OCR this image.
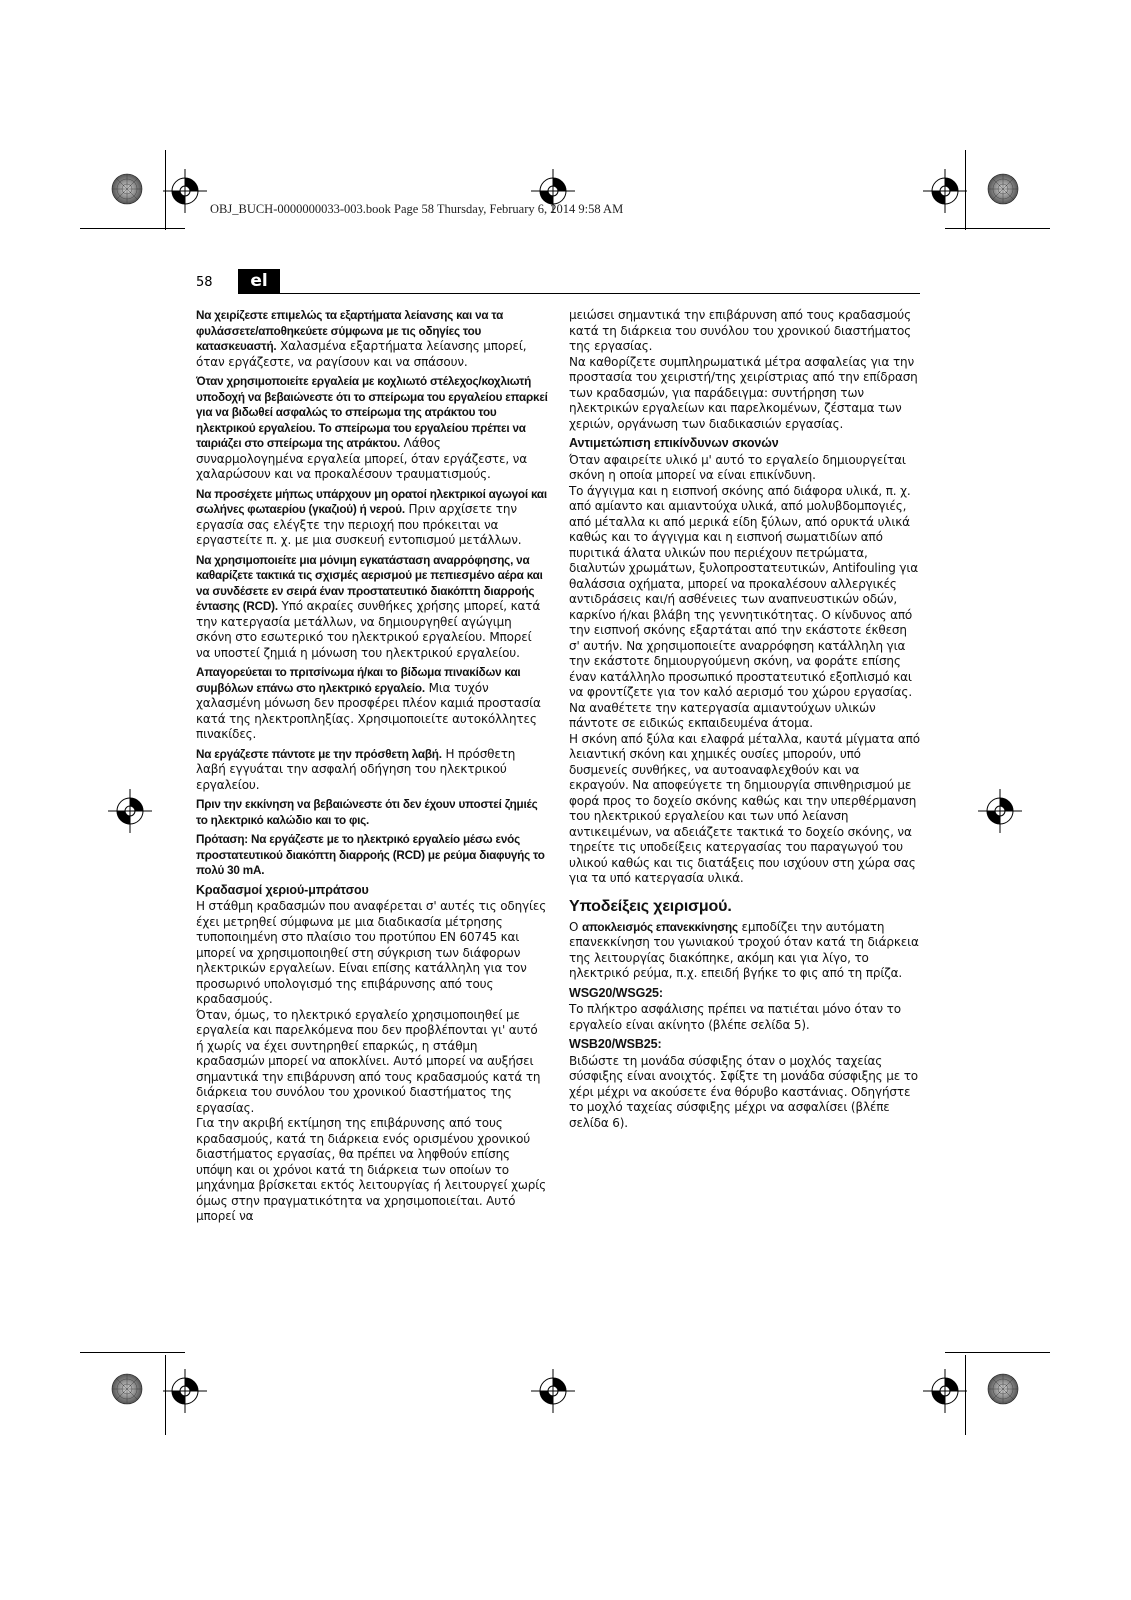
OBJ_BUCH-0000000033-003.book Page 58 Thursday, February 6, 2014 9:58 AM
58	el

Να χειρίζεστε επιμελώς τα εξαρτήματα λείανσης και να τα φυλάσσετε/αποθηκεύετε σύμφωνα με τις οδηγίες του κατασκευαστή. Χαλασμένα εξαρτήματα λείανσης μπορεί, όταν εργάζεστε, να ραγίσουν και να σπάσουν.

Όταν χρησιμοποιείτε εργαλεία με κοχλιωτό στέλεχος/κοχλιωτή υποδοχή να βεβαιώνεστε ότι το σπείρωμα του εργαλείου επαρκεί για να βιδωθεί ασφαλώς το σπείρωμα της ατράκτου του ηλεκτρικού εργαλείου. Το σπείρωμα του εργαλείου πρέπει να ταιριάζει στο σπείρωμα της ατράκτου. Λάθος συναρμολογημένα εργαλεία μπορεί, όταν εργάζεστε, να χαλαρώσουν και να προκαλέσουν τραυματισμούς.

Να προσέχετε μήπως υπάρχουν μη ορατοί ηλεκτρικοί αγωγοί και σωλήνες φωταερίου (γκαζιού) ή νερού. Πριν αρχίσετε την εργασία σας ελέγξτε την περιοχή που πρόκειται να εργαστείτε π. χ. με μια συσκευή εντοπισμού μετάλλων.

Να χρησιμοποιείτε μια μόνιμη εγκατάσταση αναρρόφησης, να καθαρίζετε τακτικά τις σχισμές αερισμού με πεπιεσμένο αέρα και να συνδέσετε εν σειρά έναν προστατευτικό διακόπτη διαρροής έντασης (RCD). Υπό ακραίες συνθήκες χρήσης μπορεί, κατά την κατεργασία μετάλλων, να δημιουργηθεί αγώγιμη σκόνη στο εσωτερικό του ηλεκτρικού εργαλείου. Μπορεί να υποστεί ζημιά η μόνωση του ηλεκτρικού εργαλείου.

Απαγορεύεται το πριτσίνωμα ή/και το βίδωμα πινακίδων και συμβόλων επάνω στο ηλεκτρικό εργαλείο. Μια τυχόν χαλασμένη μόνωση δεν προσφέρει πλέον καμιά προστασία κατά της ηλεκτροπληξίας. Χρησιμοποιείτε αυτοκόλλητες πινακίδες.

Να εργάζεστε πάντοτε με την πρόσθετη λαβή. Η πρόσθετη λαβή εγγυάται την ασφαλή οδήγηση του ηλεκτρικού εργαλείου.

Πριν την εκκίνηση να βεβαιώνεστε ότι δεν έχουν υποστεί ζημιές το ηλεκτρικό καλώδιο και το φις.

Πρόταση: Να εργάζεστε με το ηλεκτρικό εργαλείο μέσω ενός προστατευτικού διακόπτη διαρροής (RCD) με ρεύμα διαφυγής το πολύ 30 mA.

Κραδασμοί χεριού-μπράτσου

Η στάθμη κραδασμών που αναφέρεται σ' αυτές τις οδηγίες έχει μετρηθεί σύμφωνα με μια διαδικασία μέτρησης τυποποιημένη στο πλαίσιο του προτύπου EN 60745 και μπορεί να χρησιμοποιηθεί στη σύγκριση των διάφορων ηλεκτρικών εργαλείων. Είναι επίσης κατάλληλη για τον προσωρινό υπολογισμό της επιβάρυνσης από τους κραδασμούς.

Όταν, όμως, το ηλεκτρικό εργαλείο χρησιμοποιηθεί με εργαλεία και παρελκόμενα που δεν προβλέπονται γι' αυτό ή χωρίς να έχει συντηρηθεί επαρκώς, η στάθμη κραδασμών μπορεί να αποκλίνει. Αυτό μπορεί να αυξήσει σημαντικά την επιβάρυνση από τους κραδασμούς κατά τη διάρκεια του συνόλου του χρονικού διαστήματος της εργασίας.

Για την ακριβή εκτίμηση της επιβάρυνσης από τους κραδασμούς, κατά τη διάρκεια ενός ορισμένου χρονικού διαστήματος εργασίας, θα πρέπει να ληφθούν επίσης υπόψη και οι χρόνοι κατά τη διάρκεια των οποίων το μηχάνημα βρίσκεται εκτός λειτουργίας ή λειτουργεί χωρίς όμως στην πραγματικότητα να χρησιμοποιείται. Αυτό μπορεί να

μειώσει σημαντικά την επιβάρυνση από τους κραδασμούς κατά τη διάρκεια του συνόλου του χρονικού διαστήματος της εργασίας.

Να καθορίζετε συμπληρωματικά μέτρα ασφαλείας για την προστασία του χειριστή/της χειρίστριας από την επίδραση των κραδασμών, για παράδειγμα: συντήρηση των ηλεκτρικών εργαλείων και παρελκομένων, ζέσταμα των χεριών, οργάνωση των διαδικασιών εργασίας.

Αντιμετώπιση επικίνδυνων σκονών

Όταν αφαιρείτε υλικό μ' αυτό το εργαλείο δημιουργείται σκόνη η οποία μπορεί να είναι επικίνδυνη.

Το άγγιγμα και η εισπνοή σκόνης από διάφορα υλικά, π. χ. από αμίαντο και αμιαντούχα υλικά, από μολυβδομπογιές, από μέταλλα κι από μερικά είδη ξύλων, από ορυκτά υλικά καθώς και το άγγιγμα και η εισπνοή σωματιδίων από πυριτικά άλατα υλικών που περιέχουν πετρώματα, διαλυτών χρωμάτων, ξυλοπροστατευτικών, Antifouling για θαλάσσια οχήματα, μπορεί να προκαλέσουν αλλεργικές αντιδράσεις και/ή ασθένειες των αναπνευστικών οδών, καρκίνο ή/και βλάβη της γεννητικότητας. Ο κίνδυνος από την εισπνοή σκόνης εξαρτάται από την εκάστοτε έκθεση σ' αυτήν. Να χρησιμοποιείτε αναρρόφηση κατάλληλη για την εκάστοτε δημιουργούμενη σκόνη, να φοράτε επίσης έναν κατάλληλο προσωπικό προστατευτικό εξοπλισμό και να φροντίζετε για τον καλό αερισμό του χώρου εργασίας. Να αναθέτετε την κατεργασία αμιαντούχων υλικών πάντοτε σε ειδικώς εκπαιδευμένα άτομα.

Η σκόνη από ξύλα και ελαφρά μέταλλα, καυτά μίγματα από λειαντική σκόνη και χημικές ουσίες μπορούν, υπό δυσμενείς συνθήκες, να αυτοαναφλεχθούν και να εκραγούν. Να αποφεύγετε τη δημιουργία σπινθηρισμού με φορά προς το δοχείο σκόνης καθώς και την υπερθέρμανση του ηλεκτρικού εργαλείου και των υπό λείανση αντικειμένων, να αδειάζετε τακτικά το δοχείο σκόνης, να τηρείτε τις υποδείξεις κατεργασίας του παραγωγού του υλικού καθώς και τις διατάξεις που ισχύουν στη χώρα σας για τα υπό κατεργασία υλικά.

Υποδείξεις χειρισμού.

Ο αποκλεισμός επανεκκίνησης εμποδίζει την αυτόματη επανεκκίνηση του γωνιακού τροχού όταν κατά τη διάρκεια της λειτουργίας διακόπηκε, ακόμη και για λίγο, το ηλεκτρικό ρεύμα, π.χ. επειδή βγήκε το φις από τη πρίζα.

WSG20/WSG25:

Το πλήκτρο ασφάλισης πρέπει να πατιέται μόνο όταν το εργαλείο είναι ακίνητο (βλέπε σελίδα 5).

WSB20/WSB25:

Βιδώστε τη μονάδα σύσφιξης όταν ο μοχλός ταχείας σύσφιξης είναι ανοιχτός. Σφίξτε τη μονάδα σύσφιξης με το χέρι μέχρι να ακούσετε ένα θόρυβο καστάνιας. Οδηγήστε το μοχλό ταχείας σύσφιξης μέχρι να ασφαλίσει (βλέπε σελίδα 6).
